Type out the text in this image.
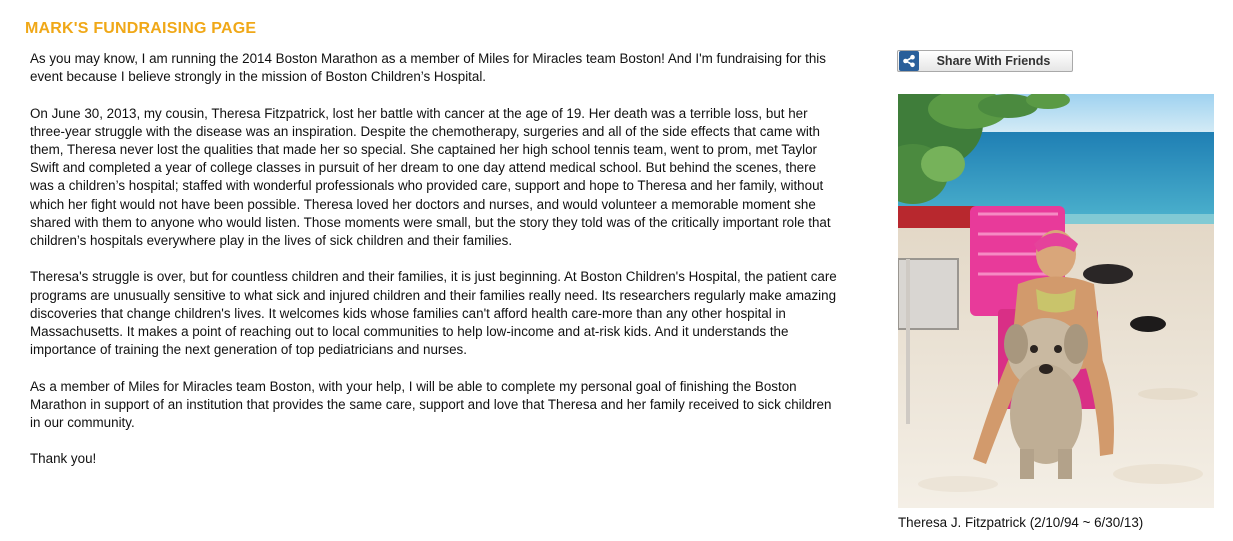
MARK'S FUNDRAISING PAGE

As you may know, I am running the 2014 Boston Marathon as a member of Miles for Miracles team Boston! And I'm fundraising for this event because I believe strongly in the mission of Boston Children’s Hospital.

On June 30, 2013, my cousin, Theresa Fitzpatrick, lost her battle with cancer at the age of 19. Her death was a terrible loss, but her three-year struggle with the disease was an inspiration. Despite the chemotherapy, surgeries and all of the side effects that came with them, Theresa never lost the qualities that made her so special. She captained her high school tennis team, went to prom, met Taylor Swift and completed a year of college classes in pursuit of her dream to one day attend medical school. But behind the scenes, there was a children’s hospital; staffed with wonderful professionals who provided care, support and hope to Theresa and her family, without which her fight would not have been possible. Theresa loved her doctors and nurses, and would volunteer a memorable moment she shared with them to anyone who would listen. Those moments were small, but the story they told was of the critically important role that children’s hospitals everywhere play in the lives of sick children and their families.

Theresa's struggle is over, but for countless children and their families, it is just beginning. At Boston Children's Hospital, the patient care programs are unusually sensitive to what sick and injured children and their families really need. Its researchers regularly make amazing discoveries that change children's lives. It welcomes kids whose families can't afford health care-more than any other hospital in Massachusetts. It makes a point of reaching out to local communities to help low-income and at-risk kids. And it understands the importance of training the next generation of top pediatricians and nurses.

As a member of Miles for Miracles team Boston, with your help, I will be able to complete my personal goal of finishing the Boston Marathon in support of an institution that provides the same care, support and love that Theresa and her family received to sick children in our community.

Thank you!

Share With Friends
Theresa J. Fitzpatrick (2/10/94 ~ 6/30/13)
